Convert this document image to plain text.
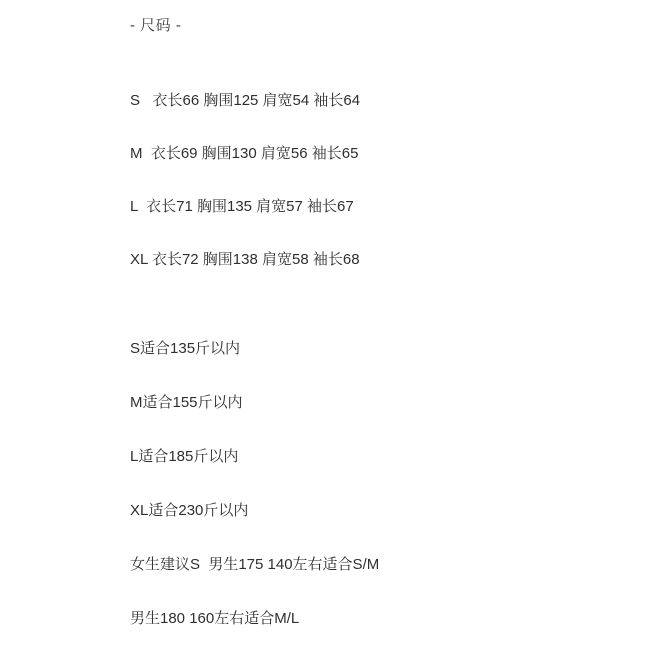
- 尺码 -
S   衣长66 胸围125 肩宽54 袖长64
M  衣长69 胸围130 肩宽56 袖长65
L  衣长71 胸围135 肩宽57 袖长67
XL 衣长72 胸围138 肩宽58 袖长68
S适合135斤以内
M适合155斤以内
L适合185斤以内
XL适合230斤以内
女生建议S  男生175 140左右适合S/M
男生180 160左右适合M/L
